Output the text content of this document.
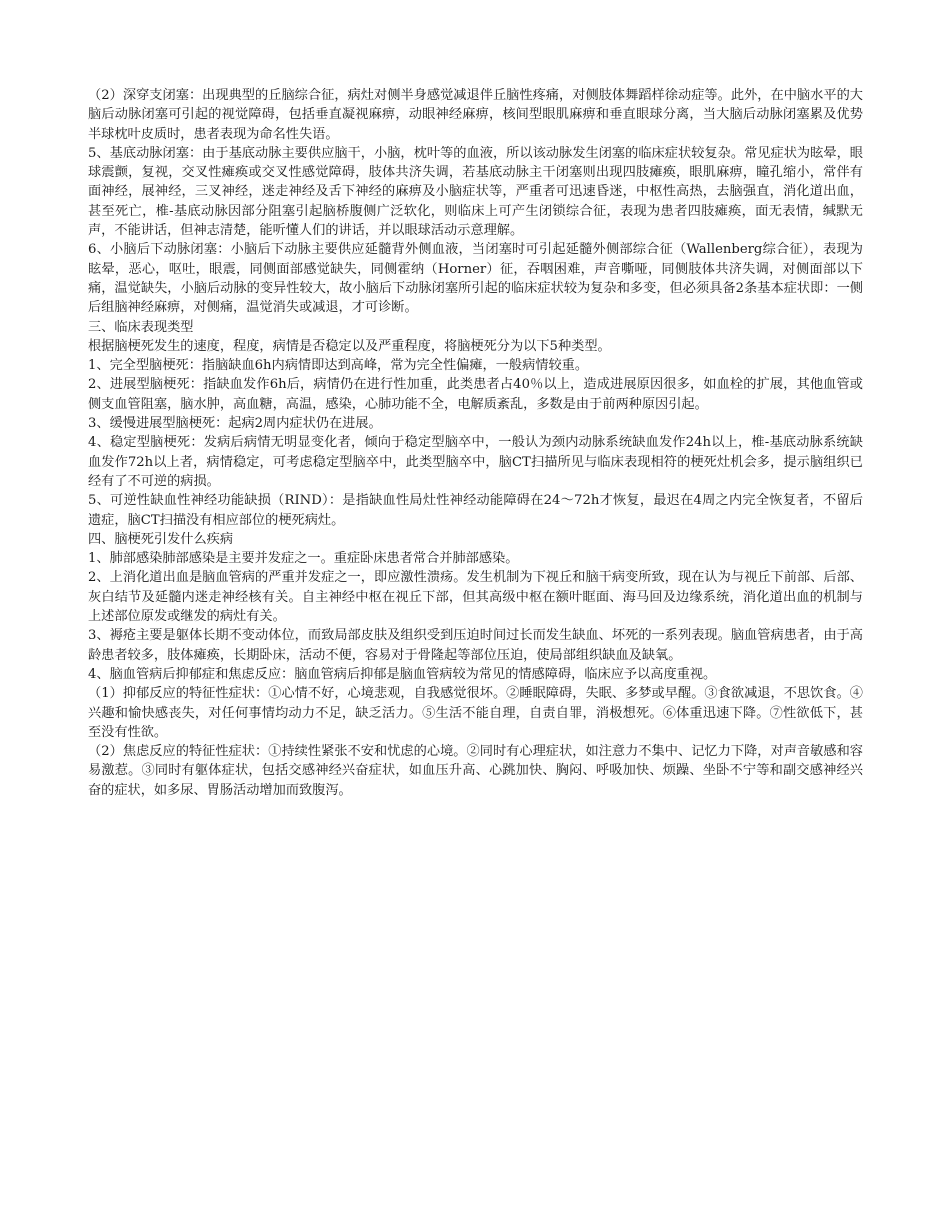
（2）深穿支闭塞：出现典型的丘脑综合征，病灶对侧半身感觉减退伴丘脑性疼痛，对侧肢体舞蹈样徐动症等。此外，在中脑水平的大脑后动脉闭塞可引起的视觉障碍，包括垂直凝视麻痹，动眼神经麻痹，核间型眼肌麻痹和垂直眼球分离，当大脑后动脉闭塞累及优势半球枕叶皮质时，患者表现为命名性失语。

5、基底动脉闭塞：由于基底动脉主要供应脑干，小脑，枕叶等的血液，所以该动脉发生闭塞的临床症状较复杂。常见症状为眩晕，眼球震颤，复视，交叉性瘫痪或交叉性感觉障碍，肢体共济失调，若基底动脉主干闭塞则出现四肢瘫痪，眼肌麻痹，瞳孔缩小，常伴有面神经，展神经，三叉神经，迷走神经及舌下神经的麻痹及小脑症状等，严重者可迅速昏迷，中枢性高热，去脑强直，消化道出血，甚至死亡，椎-基底动脉因部分阻塞引起脑桥腹侧广泛软化，则临床上可产生闭锁综合征，表现为患者四肢瘫痪，面无表情，缄默无声，不能讲话，但神志清楚，能听懂人们的讲话，并以眼球活动示意理解。

6、小脑后下动脉闭塞：小脑后下动脉主要供应延髓背外侧血液，当闭塞时可引起延髓外侧部综合征（Wallenberg综合征），表现为眩晕，恶心，呕吐，眼震，同侧面部感觉缺失，同侧霍纳（Horner）征，吞咽困难，声音嘶哑，同侧肢体共济失调，对侧面部以下痛，温觉缺失，小脑后动脉的变异性较大，故小脑后下动脉闭塞所引起的临床症状较为复杂和多变，但必须具备2条基本症状即：一侧后组脑神经麻痹，对侧痛，温觉消失或减退，才可诊断。

三、临床表现类型

根据脑梗死发生的速度，程度，病情是否稳定以及严重程度，将脑梗死分为以下5种类型。

1、完全型脑梗死：指脑缺血6h内病情即达到高峰，常为完全性偏瘫，一般病情较重。

2、进展型脑梗死：指缺血发作6h后，病情仍在进行性加重，此类患者占40％以上，造成进展原因很多，如血栓的扩展，其他血管或侧支血管阻塞，脑水肿，高血糖，高温，感染，心肺功能不全，电解质紊乱，多数是由于前两种原因引起。

3、缓慢进展型脑梗死：起病2周内症状仍在进展。

4、稳定型脑梗死：发病后病情无明显变化者，倾向于稳定型脑卒中，一般认为颈内动脉系统缺血发作24h以上，椎-基底动脉系统缺血发作72h以上者，病情稳定，可考虑稳定型脑卒中，此类型脑卒中，脑CT扫描所见与临床表现相符的梗死灶机会多，提示脑组织已经有了不可逆的病损。

5、可逆性缺血性神经功能缺损（RIND）：是指缺血性局灶性神经动能障碍在24～72h才恢复，最迟在4周之内完全恢复者，不留后遗症，脑CT扫描没有相应部位的梗死病灶。

四、脑梗死引发什么疾病

1、肺部感染肺部感染是主要并发症之一。重症卧床患者常合并肺部感染。

2、上消化道出血是脑血管病的严重并发症之一，即应激性溃疡。发生机制为下视丘和脑干病变所致，现在认为与视丘下前部、后部、灰白结节及延髓内迷走神经核有关。自主神经中枢在视丘下部，但其高级中枢在额叶眶面、海马回及边缘系统，消化道出血的机制与上述部位原发或继发的病灶有关。

3、褥疮主要是躯体长期不变动体位，而致局部皮肤及组织受到压迫时间过长而发生缺血、坏死的一系列表现。脑血管病患者，由于高龄患者较多，肢体瘫痪，长期卧床，活动不便，容易对于骨隆起等部位压迫，使局部组织缺血及缺氧。

4、脑血管病后抑郁症和焦虑反应：脑血管病后抑郁是脑血管病较为常见的情感障碍，临床应予以高度重视。

（1）抑郁反应的特征性症状：①心情不好，心境悲观，自我感觉很坏。②睡眠障碍，失眠、多梦或早醒。③食欲减退，不思饮食。④兴趣和愉快感丧失，对任何事情均动力不足，缺乏活力。⑤生活不能自理，自责自罪，消极想死。⑥体重迅速下降。⑦性欲低下，甚至没有性欲。

（2）焦虑反应的特征性症状：①持续性紧张不安和忧虑的心境。②同时有心理症状，如注意力不集中、记忆力下降，对声音敏感和容易激惹。③同时有躯体症状，包括交感神经兴奋症状，如血压升高、心跳加快、胸闷、呼吸加快、烦躁、坐卧不宁等和副交感神经兴奋的症状，如多尿、胃肠活动增加而致腹泻。
